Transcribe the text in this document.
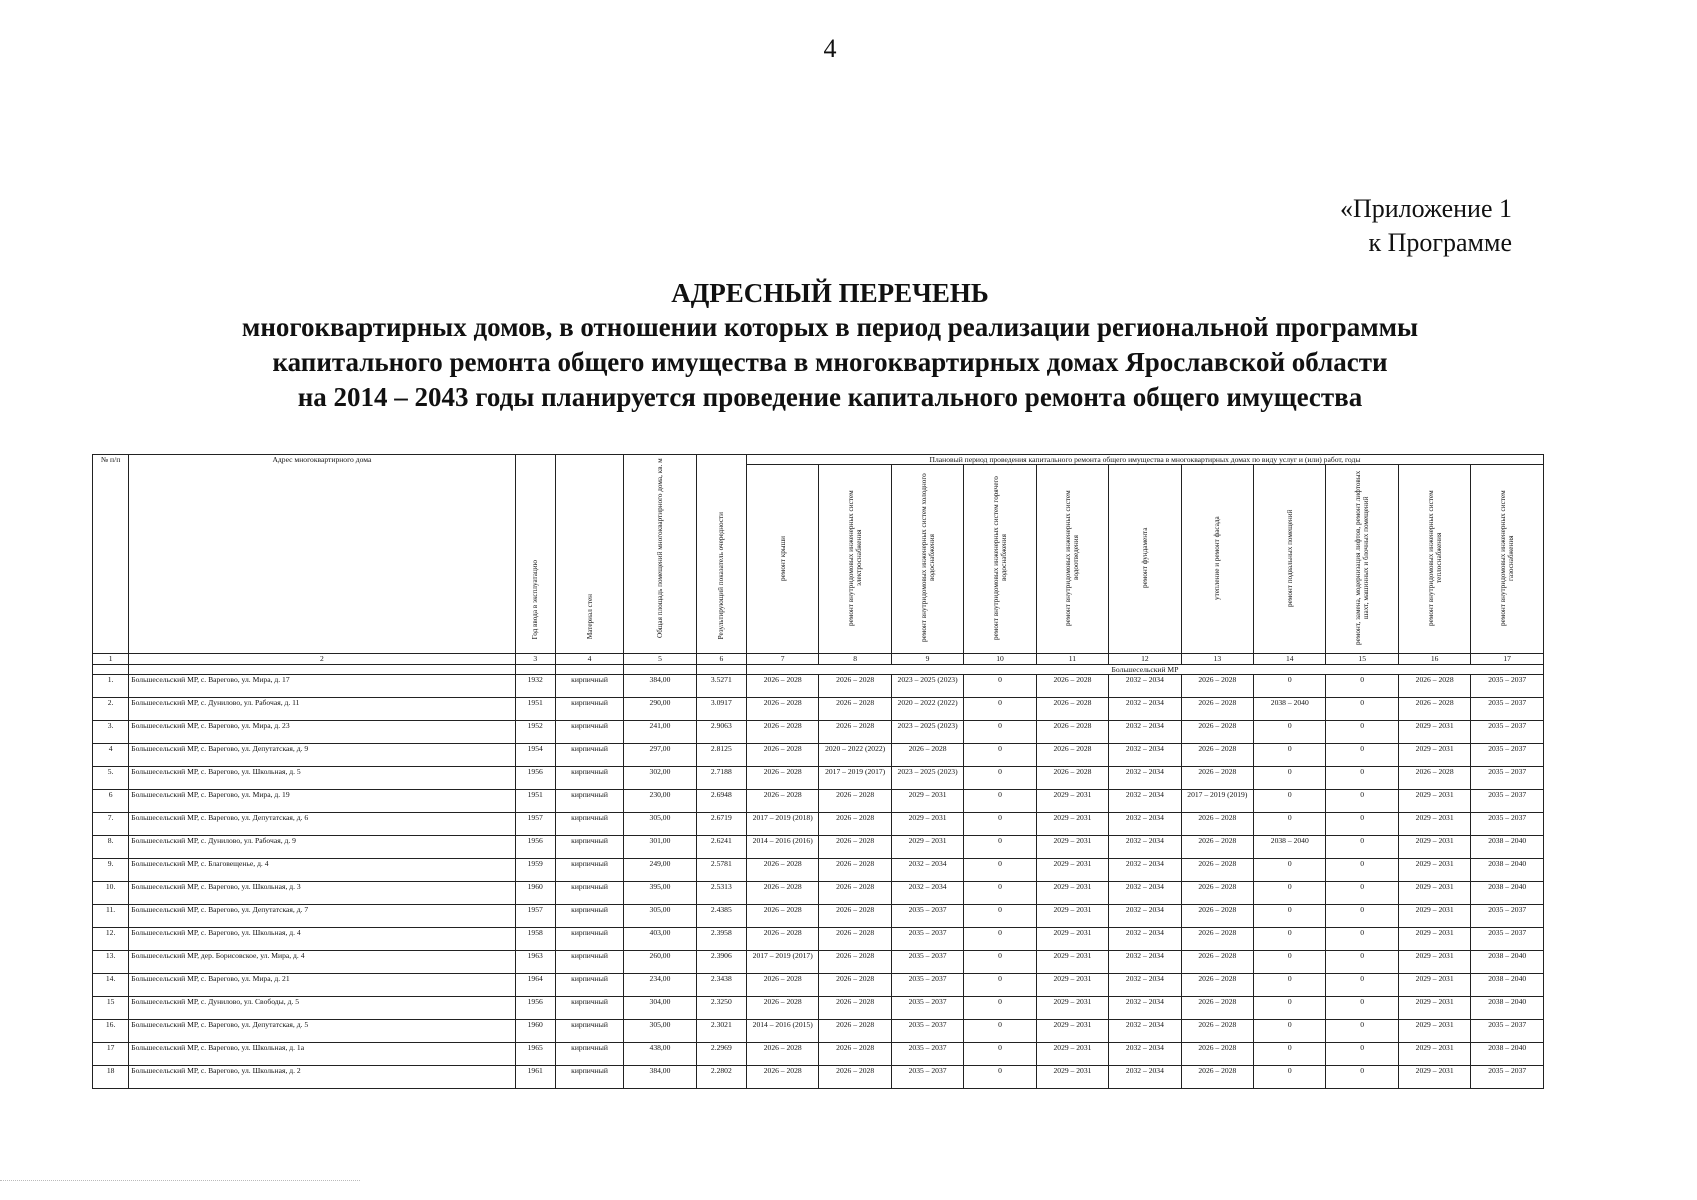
4
«Приложение 1
к Программе
АДРЕСНЫЙ ПЕРЕЧЕНЬ
многоквартирных домов, в отношении которых в период реализации региональной программы
капитального ремонта общего имущества в многоквартирных домах Ярославской области
на 2014 – 2043 годы планируется проведение капитального ремонта общего имущества
№ п/п	Адрес многоквартирного дома	Год ввода в эксплуатацию	Материал стен	Общая площадь помещений многоквартирного дома, кв. м	Результирующий показатель очередности	Плановый период проведения капитального ремонта общего имущества в многоквартирных домах по виду услуг и (или) работ, годы										

						ремонт крыши	ремонт внутридомовых инженерных систем электроснабжения	ремонт внутридомовых инженерных систем холодного водоснабжения	ремонт внутридомовых инженерных систем горячего водоснабжения	ремонт внутридомовых инженерных систем водоотведения	ремонт фундамента	утепление и ремонт фасада	ремонт подвальных помещений	ремонт, замена, модернизация лифтов, ремонт лифтовых шахт, машинных и блочных помещений	ремонт внутридомовых инженерных систем теплоснабжения	ремонт внутридомовых инженерных систем газоснабжения

1	2	3	4	5	6	7	8	9	10	11	12	13	14	15	16	17
						Большесельский МР										
1.	Большесельский МР, с. Варегово, ул. Мира, д. 17	1932	кирпичный	384,00	3.5271	2026 – 2028	2026 – 2028	2023 – 2025 (2023)	0	2026 – 2028	2032 – 2034	2026 – 2028	0	0	2026 – 2028	2035 – 2037
2.	Большесельский МР, с. Дунилово, ул. Рабочая, д. 11	1951	кирпичный	290,00	3.0917	2026 – 2028	2026 – 2028	2020 – 2022 (2022)	0	2026 – 2028	2032 – 2034	2026 – 2028	2038 – 2040	0	2026 – 2028	2035 – 2037
3.	Большесельский МР, с. Варегово, ул. Мира, д. 23	1952	кирпичный	241,00	2.9063	2026 – 2028	2026 – 2028	2023 – 2025 (2023)	0	2026 – 2028	2032 – 2034	2026 – 2028	0	0	2029 – 2031	2035 – 2037
4	Большесельский МР, с. Варегово, ул. Депутатская, д. 9	1954	кирпичный	297,00	2.8125	2026 – 2028	2020 – 2022 (2022)	2026 – 2028	0	2026 – 2028	2032 – 2034	2026 – 2028	0	0	2029 – 2031	2035 – 2037
5.	Большесельский МР, с. Варегово, ул. Школьная, д. 5	1956	кирпичный	302,00	2.7188	2026 – 2028	2017 – 2019 (2017)	2023 – 2025 (2023)	0	2026 – 2028	2032 – 2034	2026 – 2028	0	0	2026 – 2028	2035 – 2037
6	Большесельский МР, с. Варегово, ул. Мира, д. 19	1951	кирпичный	230,00	2.6948	2026 – 2028	2026 – 2028	2029 – 2031	0	2029 – 2031	2032 – 2034	2017 – 2019 (2019)	0	0	2029 – 2031	2035 – 2037
7.	Большесельский МР, с. Варегово, ул. Депутатская, д. 6	1957	кирпичный	305,00	2.6719	2017 – 2019 (2018)	2026 – 2028	2029 – 2031	0	2029 – 2031	2032 – 2034	2026 – 2028	0	0	2029 – 2031	2035 – 2037
8.	Большесельский МР, с. Дунилово, ул. Рабочая, д. 9	1956	кирпичный	301,00	2.6241	2014 – 2016 (2016)	2026 – 2028	2029 – 2031	0	2029 – 2031	2032 – 2034	2026 – 2028	2038 – 2040	0	2029 – 2031	2038 – 2040
9.	Большесельский МР, с. Благовещенье, д. 4	1959	кирпичный	249,00	2.5781	2026 – 2028	2026 – 2028	2032 – 2034	0	2029 – 2031	2032 – 2034	2026 – 2028	0	0	2029 – 2031	2038 – 2040
10.	Большесельский МР, с. Варегово, ул. Школьная, д. 3	1960	кирпичный	395,00	2.5313	2026 – 2028	2026 – 2028	2032 – 2034	0	2029 – 2031	2032 – 2034	2026 – 2028	0	0	2029 – 2031	2038 – 2040
11.	Большесельский МР, с. Варегово, ул. Депутатская, д. 7	1957	кирпичный	305,00	2.4385	2026 – 2028	2026 – 2028	2035 – 2037	0	2029 – 2031	2032 – 2034	2026 – 2028	0	0	2029 – 2031	2035 – 2037
12.	Большесельский МР, с. Варегово, ул. Школьная, д. 4	1958	кирпичный	403,00	2.3958	2026 – 2028	2026 – 2028	2035 – 2037	0	2029 – 2031	2032 – 2034	2026 – 2028	0	0	2029 – 2031	2035 – 2037
13.	Большесельский МР, дер. Борисовское, ул. Мира, д. 4	1963	кирпичный	260,00	2.3906	2017 – 2019 (2017)	2026 – 2028	2035 – 2037	0	2029 – 2031	2032 – 2034	2026 – 2028	0	0	2029 – 2031	2038 – 2040
14.	Большесельский МР, с. Варегово, ул. Мира, д. 21	1964	кирпичный	234,00	2.3438	2026 – 2028	2026 – 2028	2035 – 2037	0	2029 – 2031	2032 – 2034	2026 – 2028	0	0	2029 – 2031	2038 – 2040
15	Большесельский МР, с. Дунилово, ул. Свободы, д. 5	1956	кирпичный	304,00	2.3250	2026 – 2028	2026 – 2028	2035 – 2037	0	2029 – 2031	2032 – 2034	2026 – 2028	0	0	2029 – 2031	2038 – 2040
16.	Большесельский МР, с. Варегово, ул. Депутатская, д. 5	1960	кирпичный	305,00	2.3021	2014 – 2016 (2015)	2026 – 2028	2035 – 2037	0	2029 – 2031	2032 – 2034	2026 – 2028	0	0	2029 – 2031	2035 – 2037
17	Большесельский МР, с. Варегово, ул. Школьная, д. 1а	1965	кирпичный	438,00	2.2969	2026 – 2028	2026 – 2028	2035 – 2037	0	2029 – 2031	2032 – 2034	2026 – 2028	0	0	2029 – 2031	2038 – 2040
18	Большесельский МР, с. Варегово, ул. Школьная, д. 2	1961	кирпичный	384,00	2.2802	2026 – 2028	2026 – 2028	2035 – 2037	0	2029 – 2031	2032 – 2034	2026 – 2028	0	0	2029 – 2031	2035 – 2037
